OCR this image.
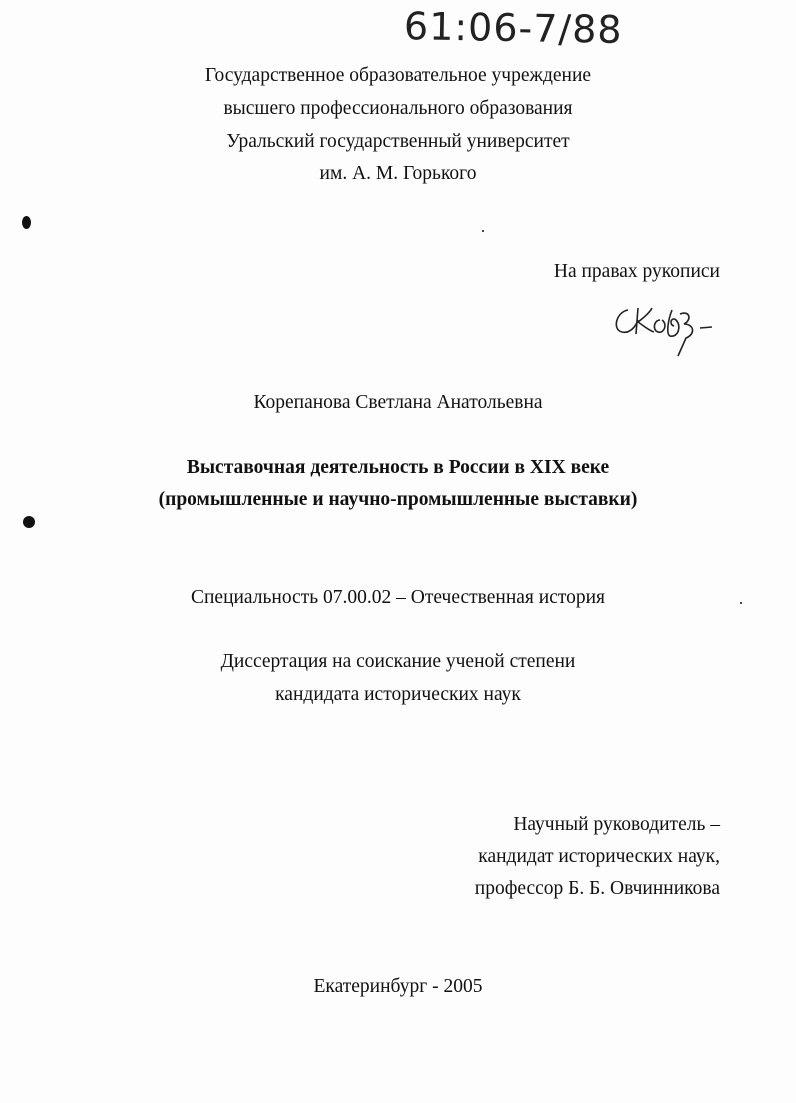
61:06-7/88
Государственное образовательное учреждение
высшего профессионального образования
Уральский государственный университет
им. А. М. Горького
На правах рукописи
Корепанова Светлана Анатольевна
Выставочная деятельность в России в XIX веке
(промышленные и научно-промышленные выставки)
Специальность 07.00.02 – Отечественная история
Диссертация на соискание ученой степени
кандидата исторических наук
Научный руководитель –
кандидат исторических наук,
профессор Б. Б. Овчинникова
Екатеринбург - 2005
